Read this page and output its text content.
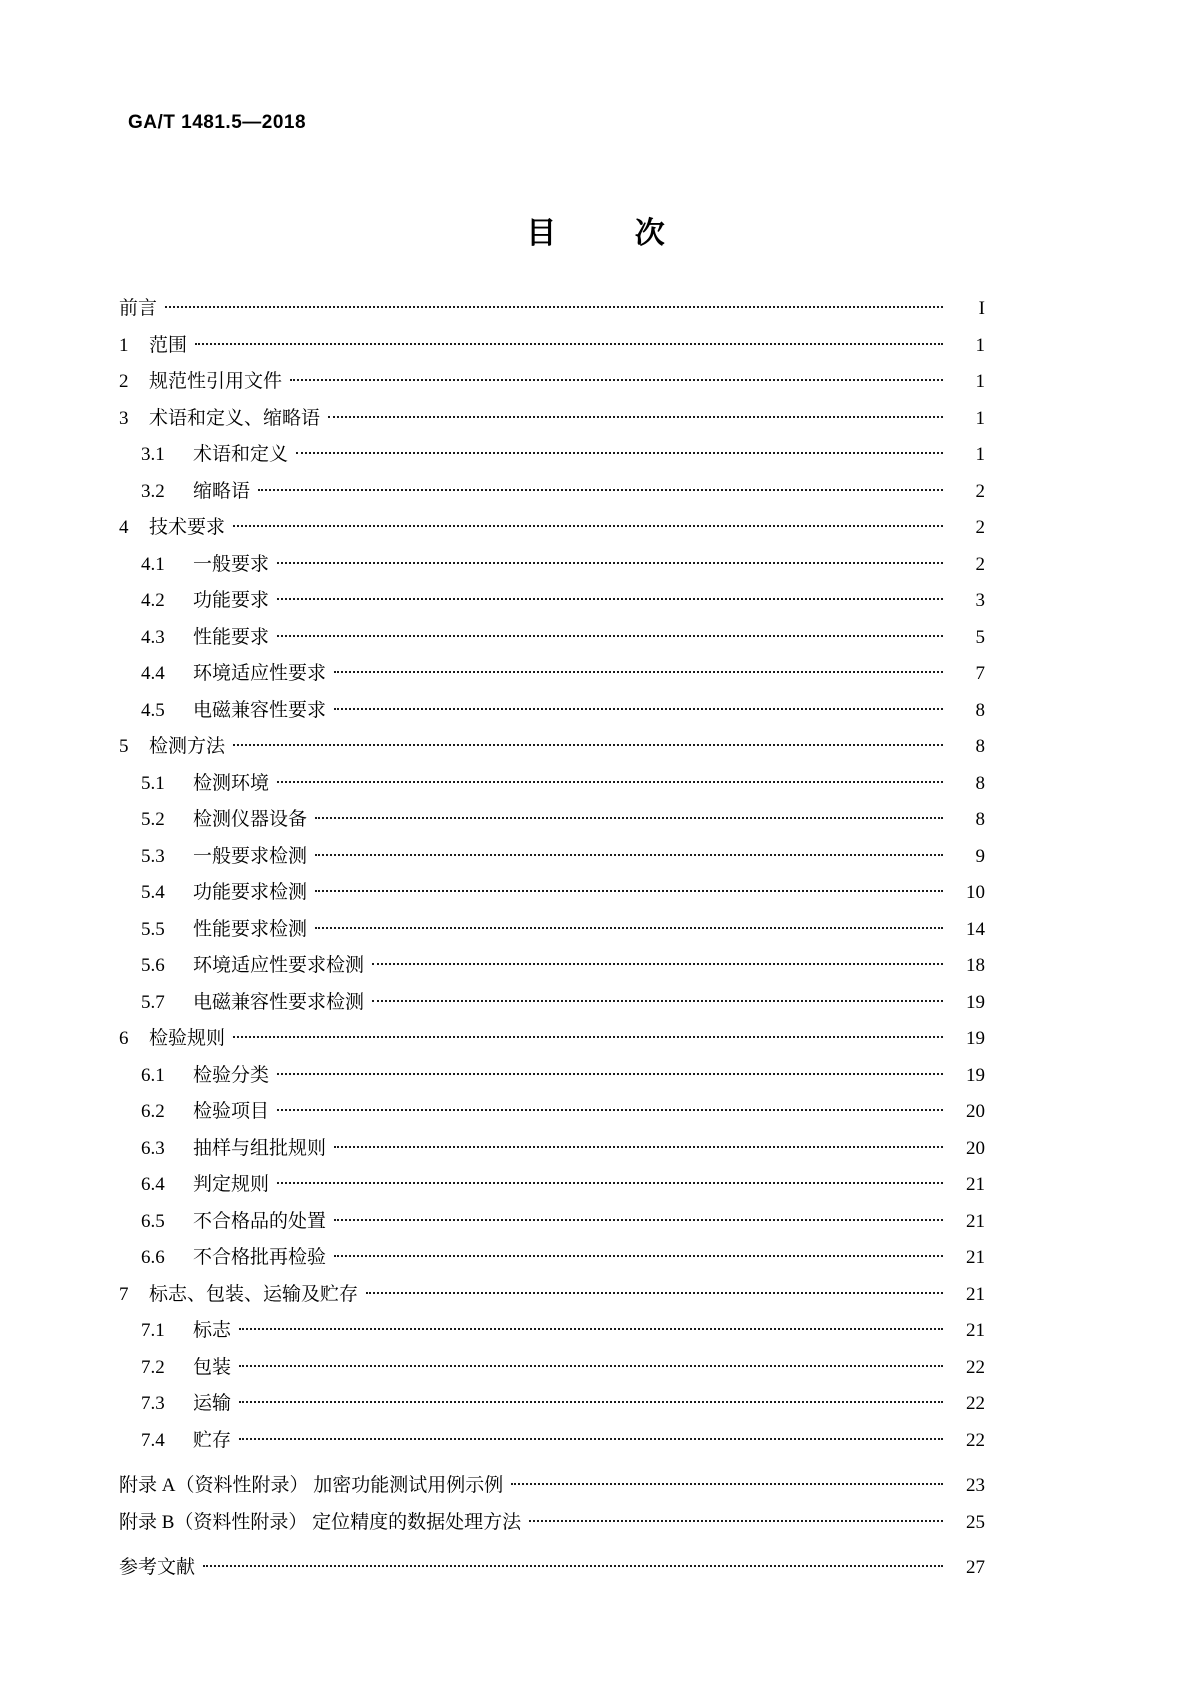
GA/T 1481.5—2018
目 次
前言	I
1	范围	1
2	规范性引用文件	1
3	术语和定义、缩略语	1
3.1	术语和定义	1
3.2	缩略语	2
4	技术要求	2
4.1	一般要求	2
4.2	功能要求	3
4.3	性能要求	5
4.4	环境适应性要求	7
4.5	电磁兼容性要求	8
5	检测方法	8
5.1	检测环境	8
5.2	检测仪器设备	8
5.3	一般要求检测	9
5.4	功能要求检测	10
5.5	性能要求检测	14
5.6	环境适应性要求检测	18
5.7	电磁兼容性要求检测	19
6	检验规则	19
6.1	检验分类	19
6.2	检验项目	20
6.3	抽样与组批规则	20
6.4	判定规则	21
6.5	不合格品的处置	21
6.6	不合格批再检验	21
7	标志、包装、运输及贮存	21
7.1	标志	21
7.2	包装	22
7.3	运输	22
7.4	贮存	22
附录 A（资料性附录） 加密功能测试用例示例	23
附录 B（资料性附录） 定位精度的数据处理方法	25
参考文献	27
